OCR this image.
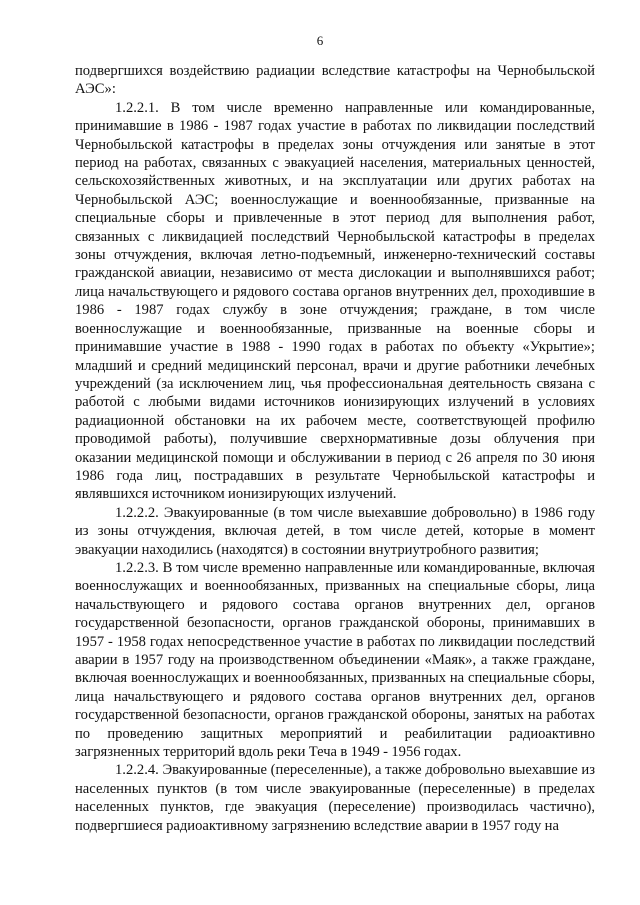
6

подвергшихся воздействию радиации вследствие катастрофы на Чернобыльской АЭС»:

1.2.2.1. В том числе временно направленные или командированные, принимавшие в 1986 - 1987 годах участие в работах по ликвидации последствий Чернобыльской катастрофы в пределах зоны отчуждения или занятые в этот период на работах, связанных с эвакуацией населения, материальных ценностей, сельскохозяйственных животных, и на эксплуатации или других работах на Чернобыльской АЭС; военнослужащие и военнообязанные, призванные на специальные сборы и привлеченные в этот период для выполнения работ, связанных с ликвидацией последствий Чернобыльской катастрофы в пределах зоны отчуждения, включая летно-подъемный, инженерно-технический составы гражданской авиации, независимо от места дислокации и выполнявшихся работ; лица начальствующего и рядового состава органов внутренних дел, проходившие в 1986 - 1987 годах службу в зоне отчуждения; граждане, в том числе военнослужащие и военнообязанные, призванные на военные сборы и принимавшие участие в 1988 - 1990 годах в работах по объекту «Укрытие»; младший и средний медицинский персонал, врачи и другие работники лечебных учреждений (за исключением лиц, чья профессиональная деятельность связана с работой с любыми видами источников ионизирующих излучений в условиях радиационной обстановки на их рабочем месте, соответствующей профилю проводимой работы), получившие сверхнормативные дозы облучения при оказании медицинской помощи и обслуживании в период с 26 апреля по 30 июня 1986 года лиц, пострадавших в результате Чернобыльской катастрофы и являвшихся источником ионизирующих излучений.

1.2.2.2. Эвакуированные (в том числе выехавшие добровольно) в 1986 году из зоны отчуждения, включая детей, в том числе детей, которые в момент эвакуации находились (находятся) в состоянии внутриутробного развития;

1.2.2.3. В том числе временно направленные или командированные, включая военнослужащих и военнообязанных, призванных на специальные сборы, лица начальствующего и рядового состава органов внутренних дел, органов государственной безопасности, органов гражданской обороны, принимавших в 1957 - 1958 годах непосредственное участие в работах по ликвидации последствий аварии в 1957 году на производственном объединении «Маяк», а также граждане, включая военнослужащих и военнообязанных, призванных на специальные сборы, лица начальствующего и рядового состава органов внутренних дел, органов государственной безопасности, органов гражданской обороны, занятых на работах по проведению защитных мероприятий и реабилитации радиоактивно загрязненных территорий вдоль реки Теча в 1949 - 1956 годах.

1.2.2.4. Эвакуированные (переселенные), а также добровольно выехавшие из населенных пунктов (в том числе эвакуированные (переселенные) в пределах населенных пунктов, где эвакуация (переселение) производилась частично), подвергшиеся радиоактивному загрязнению вследствие аварии в 1957 году на
